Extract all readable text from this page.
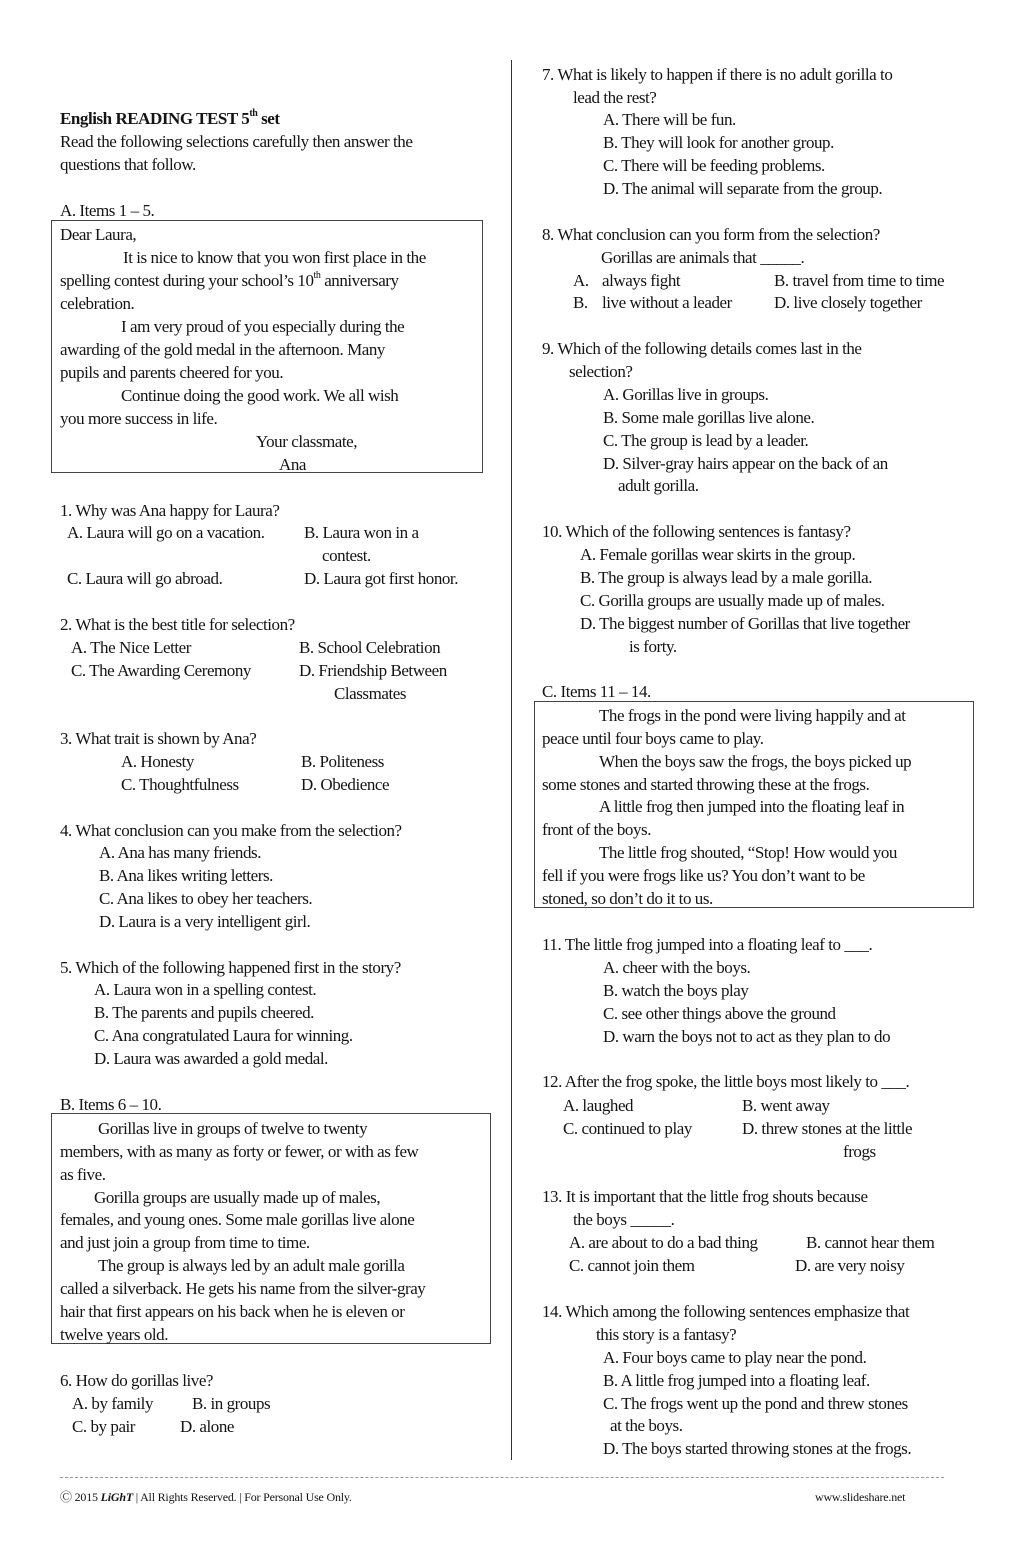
English READING TEST 5th set
Read the following selections carefully then answer the
questions that follow.
A. Items 1 – 5.
Dear Laura,
It is nice to know that you won first place in the
spelling contest during your school’s 10th anniversary
celebration.
I am very proud of you especially during the
awarding of the gold medal in the afternoon. Many
pupils and parents cheered for you.
Continue doing the good work. We all wish
you more success in life.
Your classmate,
Ana
1. Why was Ana happy for Laura?
A. Laura will go on a vacation. B. Laura won in a
contest.
C. Laura will go abroad.	D. Laura got first honor.
2. What is the best title for selection?
A. The Nice Letter	B. School Celebration
C. The Awarding Ceremony	D. Friendship Between
Classmates
3. What trait is shown by Ana?
A. Honesty	B. Politeness
C. Thoughtfulness	D. Obedience
4. What conclusion can you make from the selection?
A. Ana has many friends.
B. Ana likes writing letters.
C. Ana likes to obey her teachers.
D. Laura is a very intelligent girl.
5. Which of the following happened first in the story?
A. Laura won in a spelling contest.
B. The parents and pupils cheered.
C. Ana congratulated Laura for winning.
D. Laura was awarded a gold medal.
B. Items 6 – 10.
Gorillas live in groups of twelve to twenty
members, with as many as forty or fewer, or with as few
as five.
Gorilla groups are usually made up of males,
females, and young ones. Some male gorillas live alone
and just join a group from time to time.
The group is always led by an adult male gorilla
called a silverback. He gets his name from the silver-gray
hair that first appears on his back when he is eleven or
twelve years old.
6. How do gorillas live?
A. by family B. in groups
C. by pair	D. alone
7. What is likely to happen if there is no adult gorilla to
lead the rest?
A. There will be fun.
B. They will look for another group.
C. There will be feeding problems.
D. The animal will separate from the group.
8. What conclusion can you form from the selection?
Gorillas are animals that _____.
A. always fight	B. travel from time to time
B. live without a leader D. live closely together
9. Which of the following details comes last in the
selection?
A. Gorillas live in groups.
B. Some male gorillas live alone.
C. The group is lead by a leader.
D. Silver-gray hairs appear on the back of an
adult gorilla.
10. Which of the following sentences is fantasy?
A. Female gorillas wear skirts in the group.
B. The group is always lead by a male gorilla.
C. Gorilla groups are usually made up of males.
D. The biggest number of Gorillas that live together
is forty.
C. Items 11 – 14.
The frogs in the pond were living happily and at
peace until four boys came to play.
When the boys saw the frogs, the boys picked up
some stones and started throwing these at the frogs.
A little frog then jumped into the floating leaf in
front of the boys.
The little frog shouted, “Stop! How would you
fell if you were frogs like us? You don’t want to be
stoned, so don’t do it to us.
11. The little frog jumped into a floating leaf to ___.
A. cheer with the boys.
B. watch the boys play
C. see other things above the ground
D. warn the boys not to act as they plan to do
12. After the frog spoke, the little boys most likely to ___.
A. laughed	B. went away
C. continued to play	D. threw stones at the little
frogs
13. It is important that the little frog shouts because
the boys _____.
A. are about to do a bad thing	B. cannot hear them
C. cannot join them	D. are very noisy
14. Which among the following sentences emphasize that
this story is a fantasy?
A. Four boys came to play near the pond.
B. A little frog jumped into a floating leaf.
C. The frogs went up the pond and threw stones
at the boys.
D. The boys started throwing stones at the frogs.
Ⓒ 2015 LiGhT | All Rights Reserved. | For Personal Use Only.	www.slideshare.net
